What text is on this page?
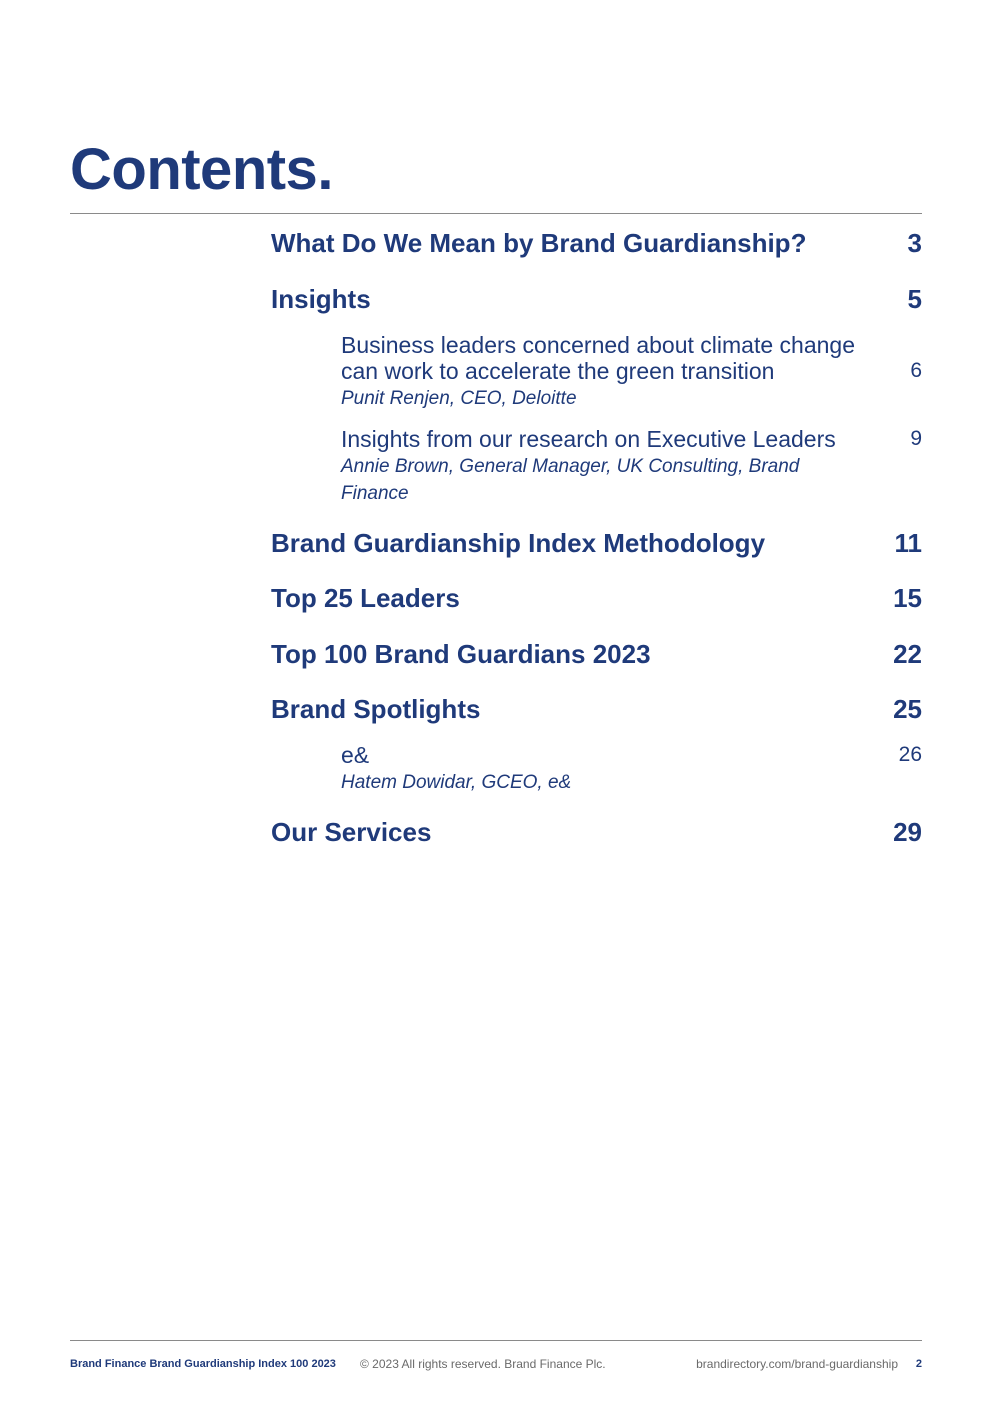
Contents.
What Do We Mean by Brand Guardianship?	3
Insights	5
Business leaders concerned about climate change can work to accelerate the green transition	6
Punit Renjen, CEO, Deloitte
Insights from our research on Executive Leaders	9
Annie Brown, General Manager, UK Consulting, Brand Finance
Brand Guardianship Index Methodology	11
Top 25 Leaders	15
Top 100 Brand Guardians 2023	22
Brand Spotlights	25
e&	26
Hatem Dowidar, GCEO, e&
Our Services	29
Brand Finance Brand Guardianship Index 100 2023 © 2023 All rights reserved. Brand Finance Plc.	brandirectory.com/brand-guardianship 2
